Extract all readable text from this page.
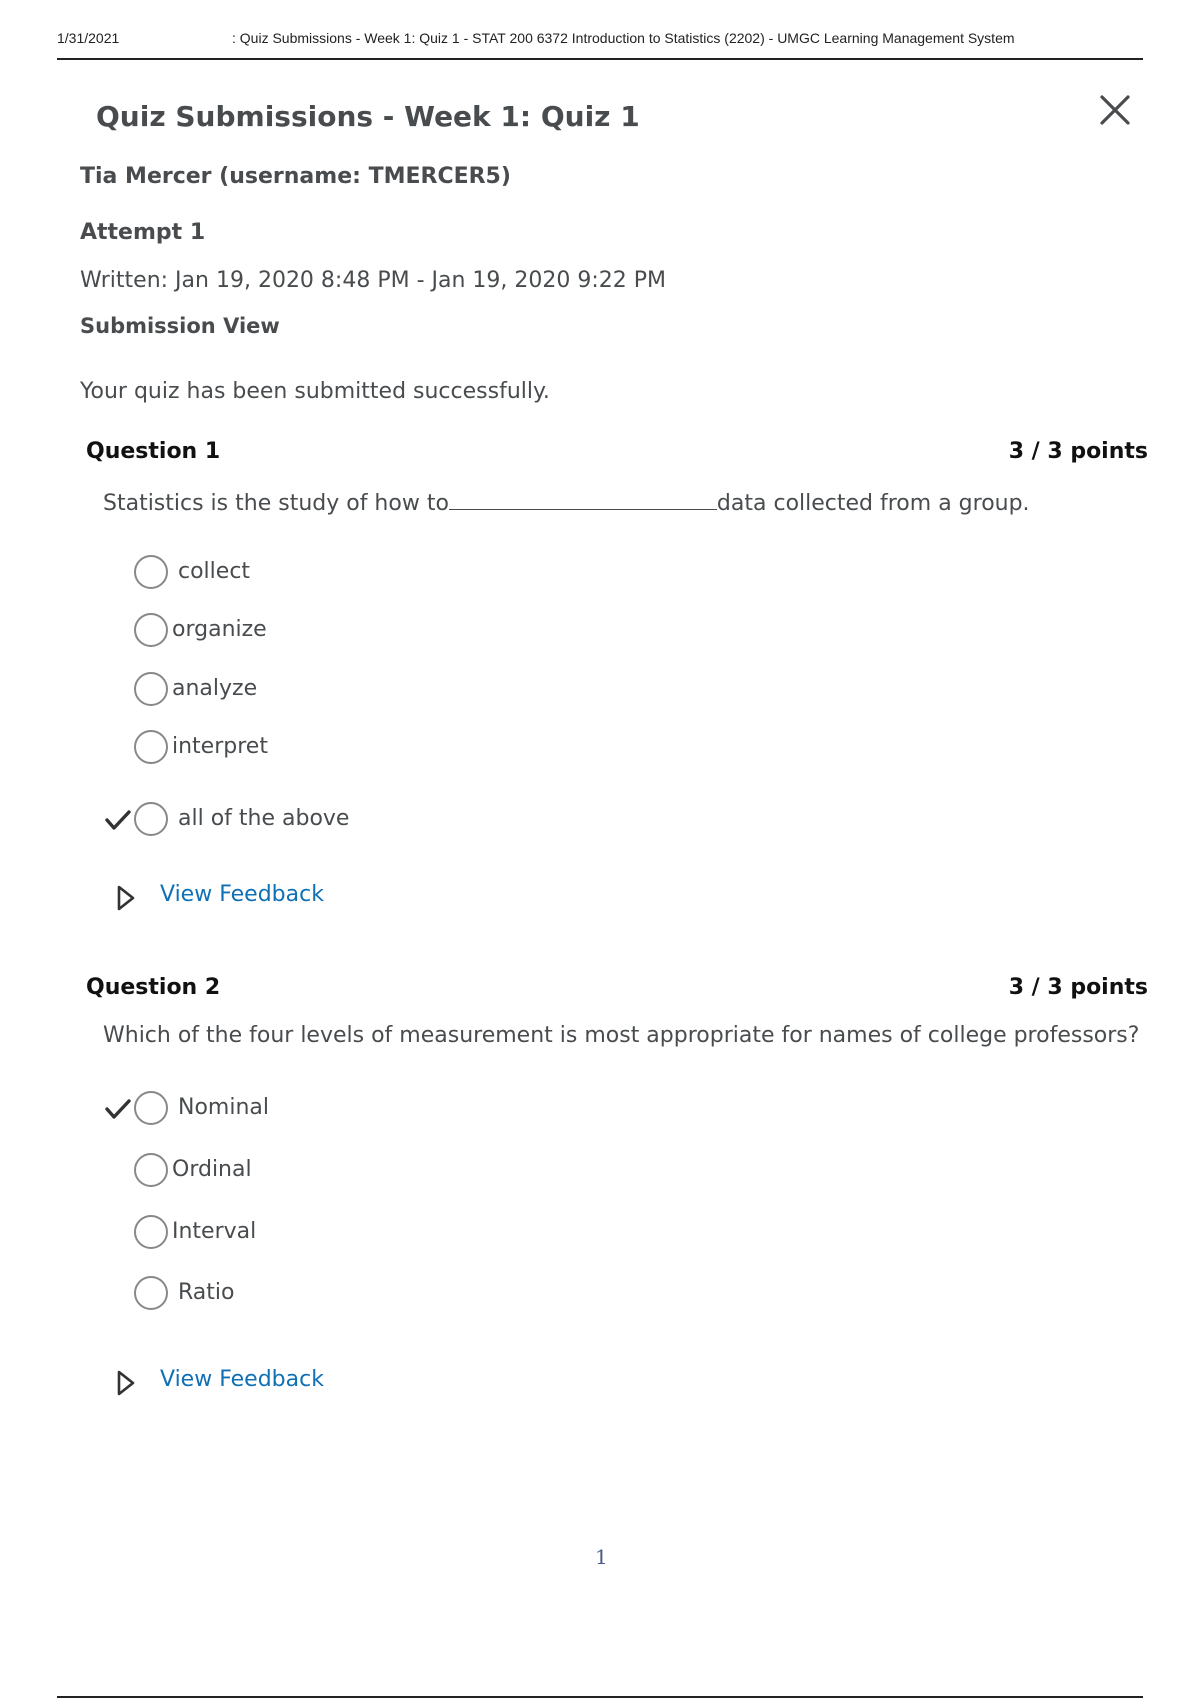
1/31/2021	: Quiz Submissions - Week 1: Quiz 1 - STAT 200 6372 Introduction to Statistics (2202) - UMGC Learning Management System
Quiz Submissions - Week 1: Quiz 1
Tia Mercer (username: TMERCER5)
Attempt 1
Written: Jan 19, 2020 8:48 PM - Jan 19, 2020 9:22 PM
Submission View
Your quiz has been submitted successfully.
Question 1	3 / 3 points
Statistics is the study of how to	data collected from a group.
collect
organize
analyze
interpret
all of the above
View Feedback
Question 2	3 / 3 points
Which of the four levels of measurement is most appropriate for names of college professors?
Nominal
Ordinal
Interval
Ratio
View Feedback
1
